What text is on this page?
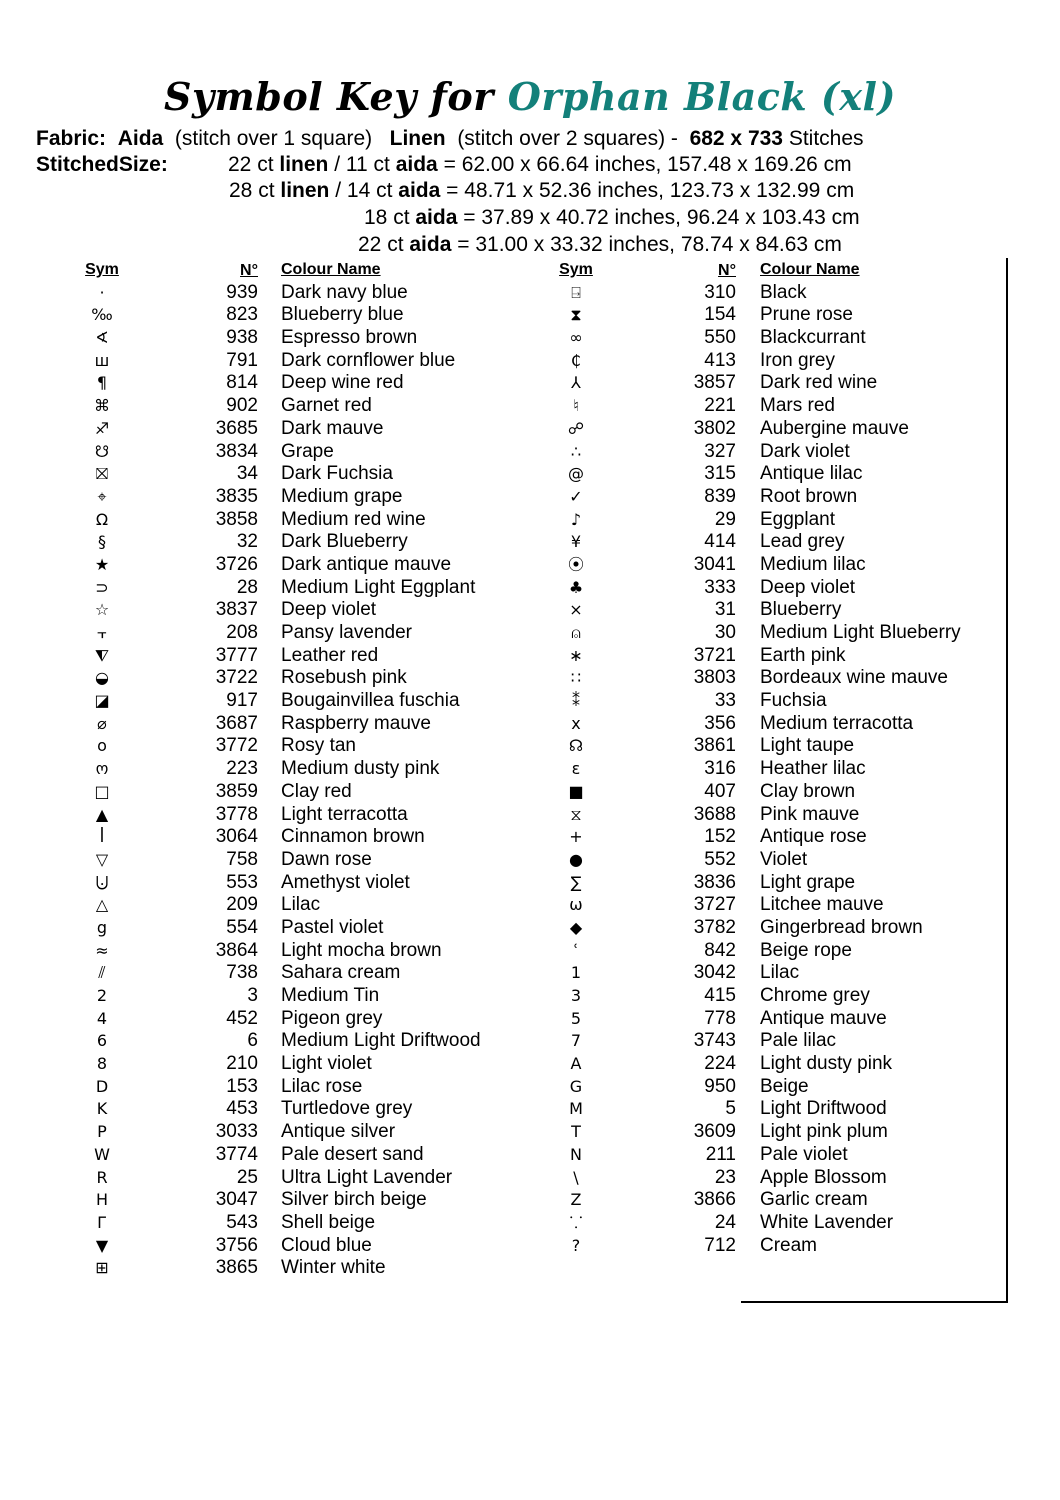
Symbol Key for Orphan Black (xl)
Fabric: Aida (stitch over 1 square) Linen (stitch over 2 squares) - 682 x 733 Stitches
StitchedSize:	22 ct linen / 11 ct aida = 62.00 x 66.64 inches, 157.48 x 169.26 cm
28 ct linen / 14 ct aida = 48.71 x 52.36 inches, 123.73 x 132.99 cm
18 ct aida = 37.89 x 40.72 inches, 96.24 x 103.43 cm
22 ct aida = 31.00 x 33.32 inches, 78.74 x 84.63 cm
Sym	N° Colour Name
·	939 Dark navy blue
‰	823 Blueberry blue
∢	938 Espresso brown
ш	791 Dark cornflower blue
¶	814 Deep wine red
⌘	902 Garnet red
♐	3685 Dark mauve
☋	3834 Grape
⛝	34 Dark Fuchsia
⌖	3835 Medium grape
Ω	3858 Medium red wine
§	32 Dark Blueberry
★	3726 Dark antique mauve
⊃	28 Medium Light Eggplant
☆	3837 Deep violet
⫟	208 Pansy lavender
⧨	3777 Leather red
◒	3722 Rosebush pink
◪	917 Bougainvillea fuschia
⌀	3687 Raspberry mauve
o	3772 Rosy tan
ო	223 Medium dusty pink
□	3859 Clay red
▲	3778 Light terracotta
ꟾ	3064 Cinnamon brown
▽	758 Dawn rose
⨃	553 Amethyst violet
△	209 Lilac
g	554 Pastel violet
≈	3864 Light mocha brown
⫽	738 Sahara cream
2	3 Medium Tin
4	452 Pigeon grey
6	6 Medium Light Driftwood
8	210 Light violet
D	153 Lilac rose
K	453 Turtledove grey
P	3033 Antique silver
W	3774 Pale desert sand
R	25 Ultra Light Lavender
H	3047 Silver birch beige
Г	543 Shell beige
▼	3756 Cloud blue
⊞	3865 Winter white
Sym	N° Colour Name
⍈	310 Black
⧗	154 Prune rose
∞	550 Blackcurrant
₵	413 Iron grey
⅄	3857 Dark red wine
♮	221 Mars red
☍	3802 Aubergine mauve
∴	327 Dark violet
@	315 Antique lilac
✓	839 Root brown
♪	29 Eggplant
¥	414 Lead grey
⦿	3041 Medium lilac
♣	333 Deep violet
⨯	31 Blueberry
⍝	30 Medium Light Blueberry
∗	3721 Earth pink
∷	3803 Bordeaux wine mauve
⁑	33 Fuchsia
x	356 Medium terracotta
☊	3861 Light taupe
ε	316 Heather lilac
■	407 Clay brown
⧖	3688 Pink mauve
+	152 Antique rose
●	552 Violet
∑	3836 Light grape
ω	3727 Litchee mauve
◆	3782 Gingerbread brown
ʿ	842 Beige rope
1	3042 Lilac
3	415 Chrome grey
5	778 Antique mauve
7	3743 Pale lilac
A	224 Light dusty pink
G	950 Beige
M	5 Light Driftwood
T	3609 Light pink plum
N	211 Pale violet
\	23 Apple Blossom
Z	3866 Garlic cream
⸪	24 White Lavender
?	712 Cream
